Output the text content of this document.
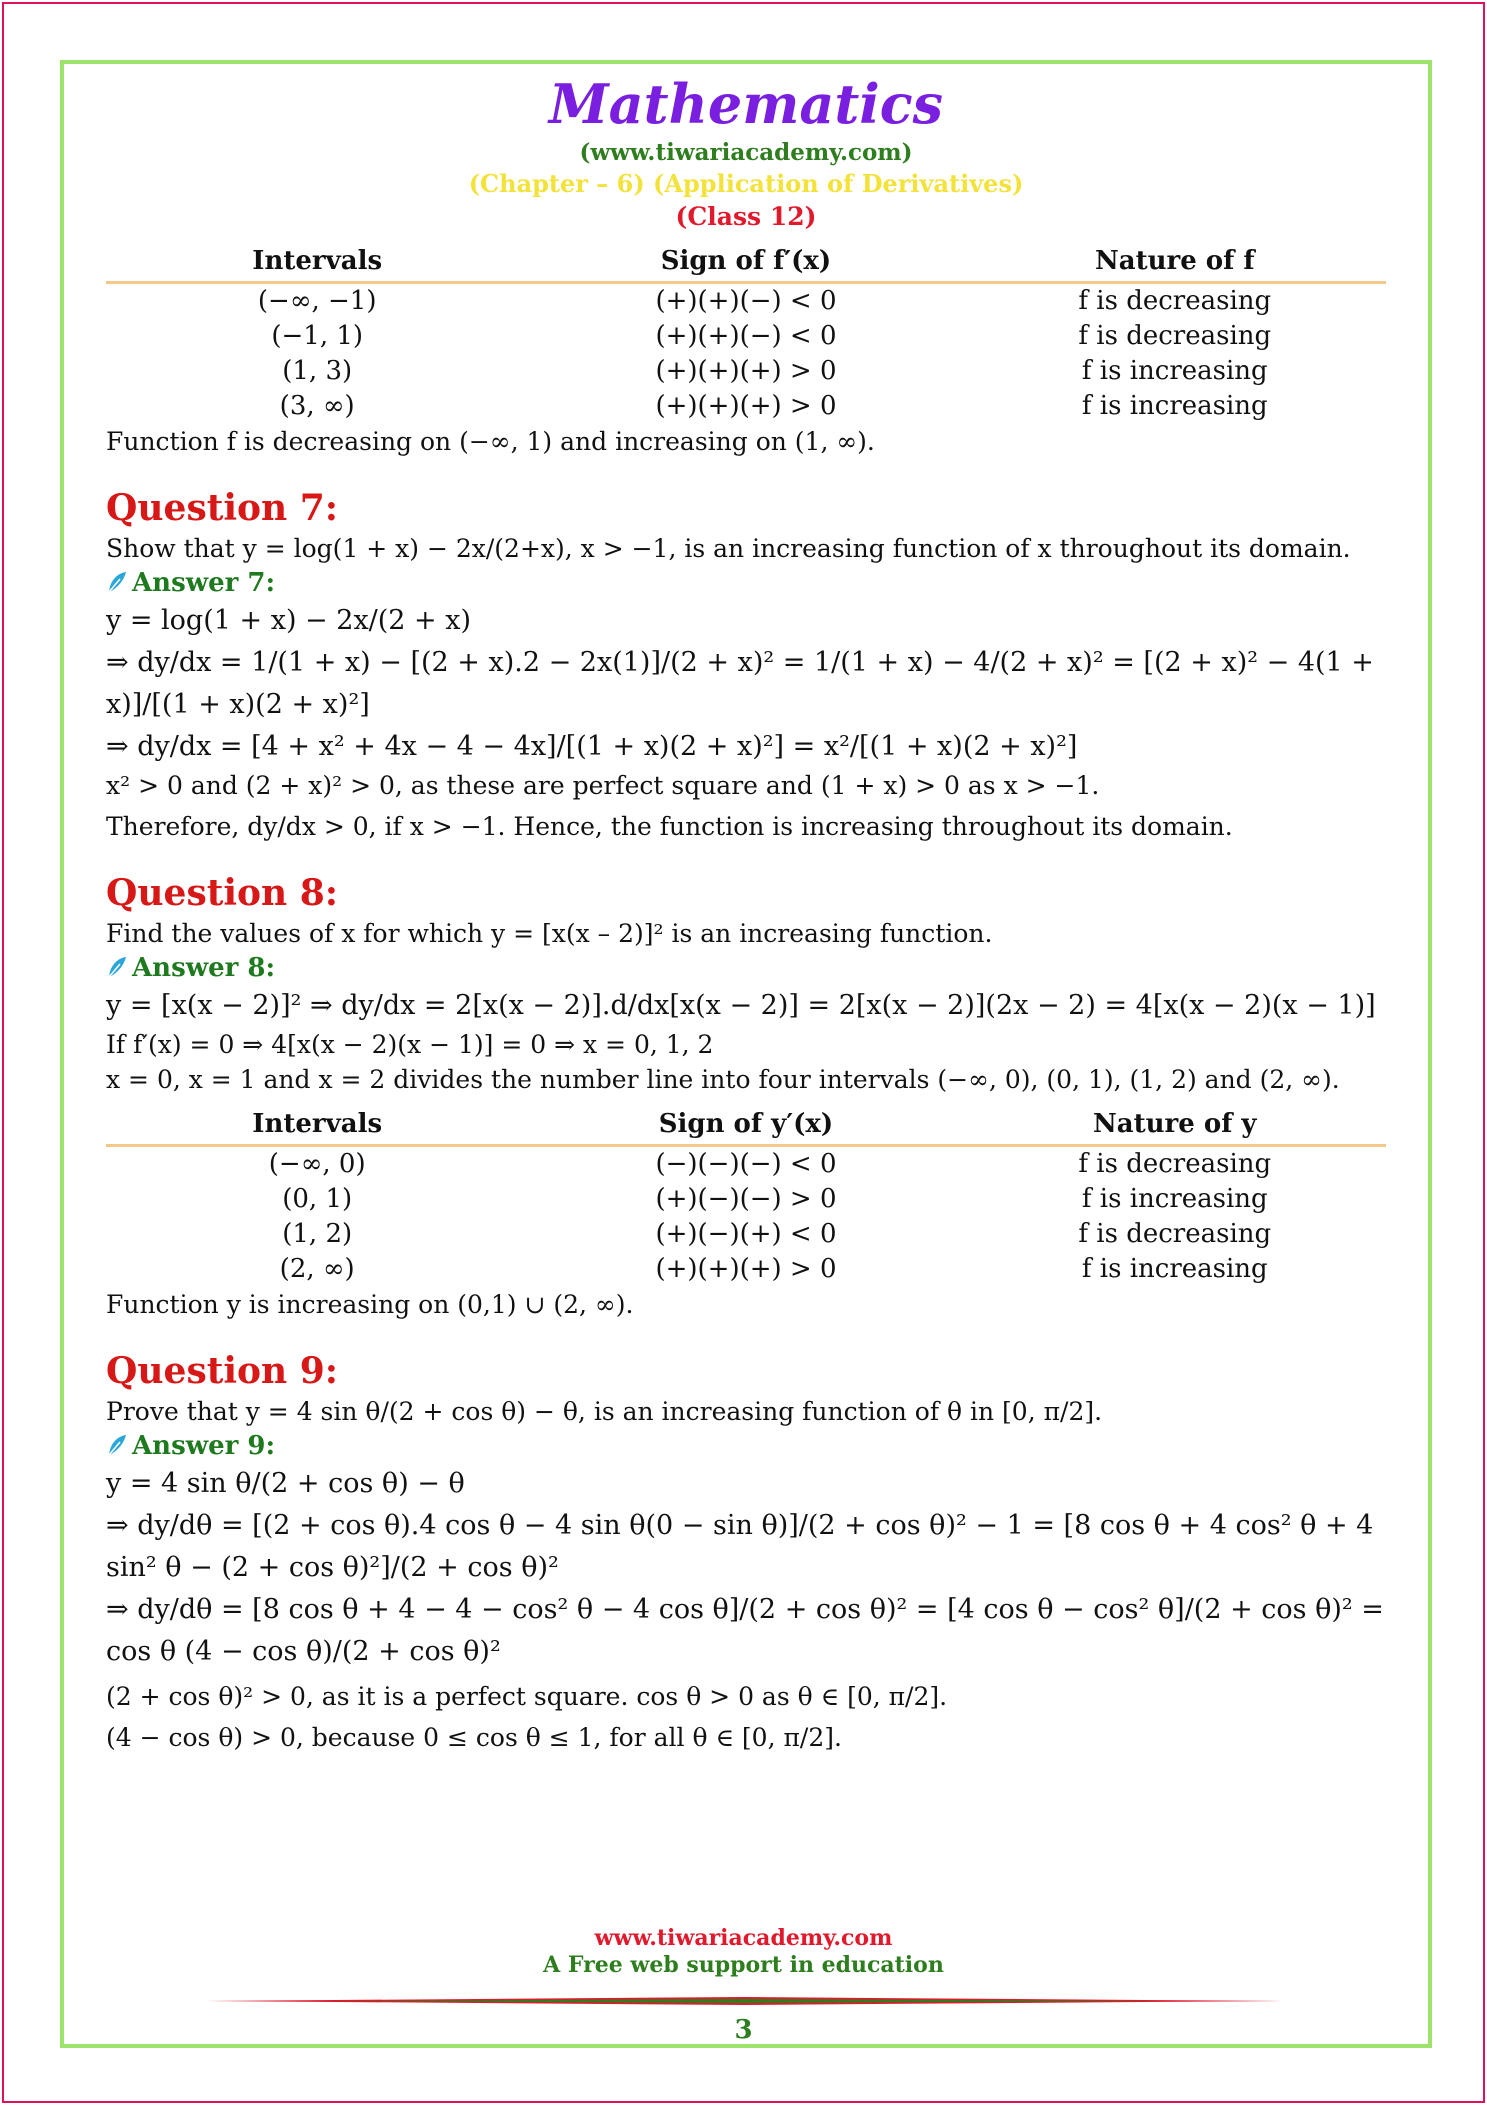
Mathematics
(www.tiwariacademy.com)
(Chapter – 6) (Application of Derivatives)
(Class 12)
Intervals	Sign of f′(x)	Nature of f
(−∞, −1)	(+)(+)(−) < 0	f is decreasing
(−1, 1)	(+)(+)(−) < 0	f is decreasing
(1, 3)	(+)(+)(+) > 0	f is increasing
(3, ∞)	(+)(+)(+) > 0	f is increasing

Function f is decreasing on (−∞, 1) and increasing on (1, ∞).

Question 7:

Show that y = log(1 + x) − 2x/(2+x), x > −1, is an increasing function of x throughout its domain.

Answer 7:

y = log(1 + x) − 2x/(2 + x)

⇒ dy/dx = 1/(1 + x) − [(2 + x).2 − 2x(1)]/(2 + x)² = 1/(1 + x) − 4/(2 + x)² = [(2 + x)² − 4(1 + x)]/[(1 + x)(2 + x)²]

⇒ dy/dx = [4 + x² + 4x − 4 − 4x]/[(1 + x)(2 + x)²] = x²/[(1 + x)(2 + x)²]

x² > 0 and (2 + x)² > 0, as these are perfect square and (1 + x) > 0 as x > −1.

Therefore, dy/dx > 0, if x > −1. Hence, the function is increasing throughout its domain.

Question 8:

Find the values of x for which y = [x(x – 2)]² is an increasing function.

Answer 8:

y = [x(x − 2)]² ⇒ dy/dx = 2[x(x − 2)].d/dx[x(x − 2)] = 2[x(x − 2)](2x − 2) = 4[x(x − 2)(x − 1)]

If f′(x) = 0 ⇒ 4[x(x − 2)(x − 1)] = 0 ⇒ x = 0, 1, 2

x = 0, x = 1 and x = 2 divides the number line into four intervals (−∞, 0), (0, 1), (1, 2) and (2, ∞).

Intervals	Sign of y′(x)	Nature of y
(−∞, 0)	(−)(−)(−) < 0	f is decreasing
(0, 1)	(+)(−)(−) > 0	f is increasing
(1, 2)	(+)(−)(+) < 0	f is decreasing
(2, ∞)	(+)(+)(+) > 0	f is increasing

Function y is increasing on (0,1) ∪ (2, ∞).

Question 9:

Prove that y = 4 sin θ/(2 + cos θ) − θ, is an increasing function of θ in [0, π/2].

Answer 9:

y = 4 sin θ/(2 + cos θ) − θ

⇒ dy/dθ = [(2 + cos θ).4 cos θ − 4 sin θ(0 − sin θ)]/(2 + cos θ)² − 1 = [8 cos θ + 4 cos² θ + 4 sin² θ − (2 + cos θ)²]/(2 + cos θ)²

⇒ dy/dθ = [8 cos θ + 4 − 4 − cos² θ − 4 cos θ]/(2 + cos θ)² = [4 cos θ − cos² θ]/(2 + cos θ)² = cos θ (4 − cos θ)/(2 + cos θ)²

(2 + cos θ)² > 0, as it is a perfect square. cos θ > 0 as θ ∈ [0, π/2].

(4 − cos θ) > 0, because 0 ≤ cos θ ≤ 1, for all θ ∈ [0, π/2].

www.tiwariacademy.com
A Free web support in education
3
